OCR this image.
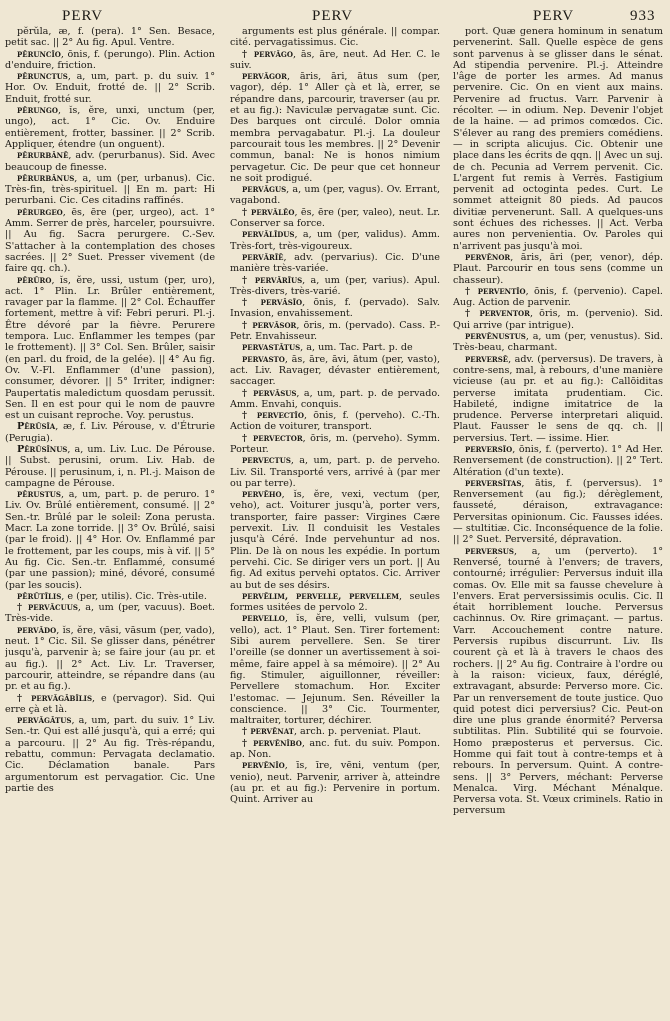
PERV	PERV	PERV	933

pĕrŭla, æ, f. (pera). 1° Sen. Besace, petit sac. || 2° Au fig. Apul. Ventre.

pĕruncĭo, ōnis, f. (perungo). Plin. Action d'enduire, friction.

pĕrunctus, a, um, part. p. du suiv. 1° Hor. Ov. Enduit, frotté de. || 2° Scrib. Enduit, frotté sur.

pĕrungo, ĭs, ĕre, unxi, unctum (per, ungo), act. 1° Cic. Ov. Enduire entièrement, frotter, bassiner. || 2° Scrib. Appliquer, étendre (un onguent).

pĕrurbānē, adv. (perurbanus). Sid. Avec beaucoup de finesse.

pĕrurbānus, a, um (per, urbanus). Cic. Très-fin, très-spirituel. || En m. part: Hi perurbani. Cic. Ces citadins raffinés.

pĕrurgeo, ēs, ēre (per, urgeo), act. 1° Amm. Serrer de près, harceler, poursuivre. || Au fig. Sacra perurgere. C.-Sev. S'attacher à la contemplation des choses sacrées. || 2° Suet. Presser vivement (de faire qq. ch.).

pĕrūro, ĭs, ĕre, ussi, ustum (per, uro), act. 1° Plin. Lr. Brûler entièrement, ravager par la flamme. || 2° Col. Échauffer fortement, mettre à vif: Febri peruri. Pl.-j. Être dévoré par la fièvre. Perurere tempora. Luc. Enflammer les tempes (par le frottement). || 3° Col. Sen. Brûler, saisir (en parl. du froid, de la gelée). || 4° Au fig. Ov. V.-Fl. Enflammer (d'une passion), consumer, dévorer. || 5° Irriter, indigner: Paupertatis maledictum quosdam perussit. Sen. Il en est pour qui le nom de pauvre est un cuisant reproche. Voy. perustus.

Pĕrūsĭa, æ, f. Liv. Pérouse, v. d'Étrurie (Perugia).

Pĕrūsīnus, a, um. Liv. Luc. De Pérouse. || Subst. perusini, orum. Liv. Hab. de Pérouse. || perusinum, i, n. Pl.-j. Maison de campagne de Pérouse.

pĕrustus, a, um, part. p. de peruro. 1° Liv. Ov. Brûlé entièrement, consumé. || 2° Sen.-tr. Brûlé par le soleil: Zona perusta. Macr. La zone torride. || 3° Ov. Brûlé, saisi (par le froid). || 4° Hor. Ov. Enflammé par le frottement, par les coups, mis à vif. || 5° Au fig. Cic. Sen.-tr. Enflammé, consumé (par une passion); miné, dévoré, consumé (par les soucis).

pĕrūtĭlis, e (per, utilis). Cic. Très-utile.

† pervăcuus, a, um (per, vacuus). Boet. Très-vide.

pervādo, ĭs, ĕre, vāsi, vāsum (per, vado), neut. 1° Cic. Sil. Se glisser dans, pénétrer jusqu'à, parvenir à; se faire jour (au pr. et au fig.). || 2° Act. Liv. Lr. Traverser, parcourir, atteindre, se répandre dans (au pr. et au fig.).

† pervăgābĭlis, e (pervagor). Sid. Qui erre çà et là.

pervăgātus, a, um, part. du suiv. 1° Liv. Sen.-tr. Qui est allé jusqu'à, qui a erré; qui a parcouru. || 2° Au fig. Très-répandu, rebattu, commun: Pervagata declamatio. Cic. Déclamation banale. Pars argumentorum est pervagatior. Cic. Une partie des

arguments est plus générale. || compar. cité. pervagatissimus. Cic.

† pervăgo, ās, āre, neut. Ad Her. C. le suiv.

pervăgor, āris, āri, ātus sum (per, vagor), dép. 1° Aller çà et là, errer, se répandre dans, parcourir, traverser (au pr. et au fig.): Naviculæ pervagatæ sunt. Cic. Des barques ont circulé. Dolor omnia membra pervagabatur. Pl.-j. La douleur parcourait tous les membres. || 2° Devenir commun, banal: Ne is honos nimium pervagetur. Cic. De peur que cet honneur ne soit prodigué.

pervăgus, a, um (per, vagus). Ov. Errant, vagabond.

† pervălĕo, ēs, ēre (per, valeo), neut. Lr. Conserver sa force.

pervălĭdus, a, um (per, validus). Amm. Très-fort, très-vigoureux.

pervărĭē, adv. (pervarius). Cic. D'une manière très-variée.

† pervărĭus, a, um (per, varius). Apul. Très-divers, très-varié.

† pervāsĭo, ōnis, f. (pervado). Salv. Invasion, envahissement.

† pervāsor, ōris, m. (pervado). Cass. P.-Petr. Envahisseur.

pervastātus, a, um. Tac. Part. p. de

pervasto, ās, āre, āvi, ātum (per, vasto), act. Liv. Ravager, dévaster entièrement, saccager.

† pervāsus, a, um, part. p. de pervado. Amm. Envahi, conquis.

† pervectĭo, ōnis, f. (perveho). C.-Th. Action de voiturer, transport.

† pervector, ōris, m. (perveho). Symm. Porteur.

pervectus, a, um, part. p. de perveho. Liv. Sil. Transporté vers, arrivé à (par mer ou par terre).

pervĕho, ĭs, ĕre, vexi, vectum (per, veho), act. Voiturer jusqu'à, porter vers, transporter, faire passer: Virgines Cære pervexit. Liv. Il conduisit les Vestales jusqu'à Céré. Inde pervehuntur ad nos. Plin. De là on nous les expédie. In portum pervehi. Cic. Se diriger vers un port. || Au fig. Ad exitus pervehi optatos. Cic. Arriver au but de ses désirs.

pervĕlim, pervelle, pervellem, seules formes usitées de pervolo 2.

pervello, ĭs, ĕre, velli, vulsum (per, vello), act. 1° Plaut. Sen. Tirer fortement: Sibi aurem pervellere. Sen. Se tirer l'oreille (se donner un avertissement à soi-même, faire appel à sa mémoire). || 2° Au fig. Stimuler, aiguillonner, réveiller: Pervellere stomachum. Hor. Exciter l'estomac. — Jejunum. Sen. Réveiller la conscience. || 3° Cic. Tourmenter, maltraiter, torturer, déchirer.

† pervĕnat, arch. p. perveniat. Plaut.

† pervĕnĭbo, anc. fut. du suiv. Pompon. ap. Non.

pervĕnĭo, īs, īre, vēni, ventum (per, venio), neut. Parvenir, arriver à, atteindre (au pr. et au fig.): Pervenire in portum. Quint. Arriver au

port. Quæ genera hominum in senatum pervenerint. Sall. Quelle espèce de gens sont parvenus à se glisser dans le sénat. Ad stipendia pervenire. Pl.-j. Atteindre l'âge de porter les armes. Ad manus pervenire. Cic. On en vient aux mains. Pervenire ad fructus. Varr. Parvenir à récolter. — in odium. Nep. Devenir l'objet de la haine. — ad primos comœdos. Cic. S'élever au rang des premiers comédiens. — in scripta alicujus. Cic. Obtenir une place dans les écrits de qqn. || Avec un suj. de ch. Pecunia ad Verrem pervenit. Cic. L'argent fut remis à Verrès. Fastigium pervenit ad octoginta pedes. Curt. Le sommet atteignit 80 pieds. Ad paucos divitiæ pervenerunt. Sall. A quelques-uns sont échues des richesses. || Act. Verba aures non pervenientia. Ov. Paroles qui n'arrivent pas jusqu'à moi.

pervĕnor, āris, āri (per, venor), dép. Plaut. Parcourir en tous sens (comme un chasseur).

† perventĭo, ōnis, f. (pervenio). Capel. Aug. Action de parvenir.

† perventor, ōris, m. (pervenio). Sid. Qui arrive (par intrigue).

pervĕnustus, a, um (per, venustus). Sid. Très-beau, charmant.

perversē, adv. (perversus). De travers, à contre-sens, mal, à rebours, d'une manière vicieuse (au pr. et au fig.): Callōiditas perverse imitata prudentiam. Cic. Habileté, indigne imitatrice de la prudence. Perverse interpretari aliquid. Plaut. Fausser le sens de qq. ch. || perversius. Tert. — issime. Hier.

perversĭo, ōnis, f. (perverto). 1° Ad Her. Renversement (de construction). || 2° Tert. Altération (d'un texte).

perversĭtas, ātis, f. (perversus). 1° Renversement (au fig.); dérèglement, fausseté, déraison, extravagance: Perversitas opinionum. Cic. Fausses idées. — stultitiæ. Cic. Inconséquence de la folie. || 2° Suet. Perversité, dépravation.

perversus, a, um (perverto). 1° Renversé, tourné à l'envers; de travers, contourné; irrégulier: Perversus induit illa comas. Ov. Elle mit sa fausse chevelure à l'envers. Erat perversissimis oculis. Cic. Il était horriblement louche. Perversus cachinnus. Ov. Rire grimaçant. — partus. Varr. Accouchement contre nature. Perversis rupibus discurrunt. Liv. Ils courent çà et là à travers le chaos des rochers. || 2° Au fig. Contraire à l'ordre ou à la raison: vicieux, faux, déréglé, extravagant, absurde: Perverso more. Cic. Par un renversement de toute justice. Quo quid potest dici perversius? Cic. Peut-on dire une plus grande énormité? Perversa subtilitas. Plin. Subtilité qui se fourvoie. Homo præposterus et perversus. Cic. Homme qui fait tout à contre-temps et à rebours. In perversum. Quint. A contre-sens. || 3° Pervers, méchant: Perverse Menalca. Virg. Méchant Ménalque. Perversa vota. St. Vœux criminels. Ratio in perversum
